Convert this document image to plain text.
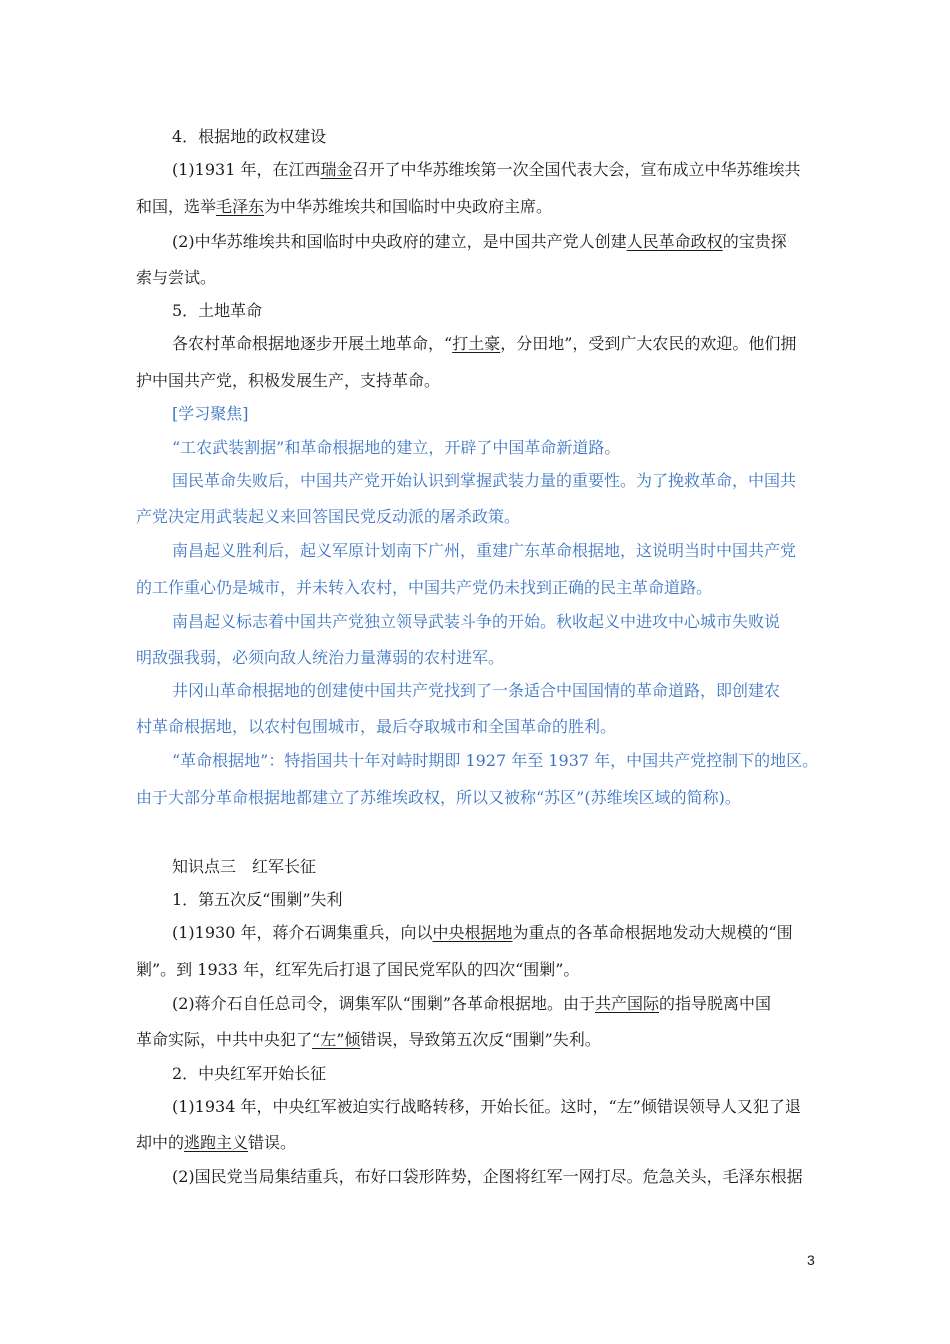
4．根据地的政权建设
(1)1931 年，在江西瑞金召开了中华苏维埃第一次全国代表大会，宣布成立中华苏维埃共
和国，选举毛泽东为中华苏维埃共和国临时中央政府主席。
(2)中华苏维埃共和国临时中央政府的建立，是中国共产党人创建人民革命政权的宝贵探
索与尝试。
5．土地革命
各农村革命根据地逐步开展土地革命，“打土豪，分田地”，受到广大农民的欢迎。他们拥
护中国共产党，积极发展生产，支持革命。
[学习聚焦]
“工农武装割据”和革命根据地的建立，开辟了中国革命新道路。
国民革命失败后，中国共产党开始认识到掌握武装力量的重要性。为了挽救革命，中国共
产党决定用武装起义来回答国民党反动派的屠杀政策。
南昌起义胜利后，起义军原计划南下广州，重建广东革命根据地，这说明当时中国共产党
的工作重心仍是城市，并未转入农村，中国共产党仍未找到正确的民主革命道路。
南昌起义标志着中国共产党独立领导武装斗争的开始。秋收起义中进攻中心城市失败说
明敌强我弱，必须向敌人统治力量薄弱的农村进军。
井冈山革命根据地的创建使中国共产党找到了一条适合中国国情的革命道路，即创建农
村革命根据地，以农村包围城市，最后夺取城市和全国革命的胜利。
“革命根据地”：特指国共十年对峙时期即 1927 年至 1937 年，中国共产党控制下的地区。
由于大部分革命根据地都建立了苏维埃政权，所以又被称“苏区”(苏维埃区域的简称)。
知识点三　红军长征
1．第五次反“围剿”失利
(1)1930 年，蒋介石调集重兵，向以中央根据地为重点的各革命根据地发动大规模的“围
剿”。到 1933 年，红军先后打退了国民党军队的四次“围剿”。
(2)蒋介石自任总司令，调集军队“围剿”各革命根据地。由于共产国际的指导脱离中国
革命实际，中共中央犯了“左”倾错误，导致第五次反“围剿”失利。
2．中央红军开始长征
(1)1934 年，中央红军被迫实行战略转移，开始长征。这时，“左”倾错误领导人又犯了退
却中的逃跑主义错误。
(2)国民党当局集结重兵，布好口袋形阵势，企图将红军一网打尽。危急关头，毛泽东根据
3
